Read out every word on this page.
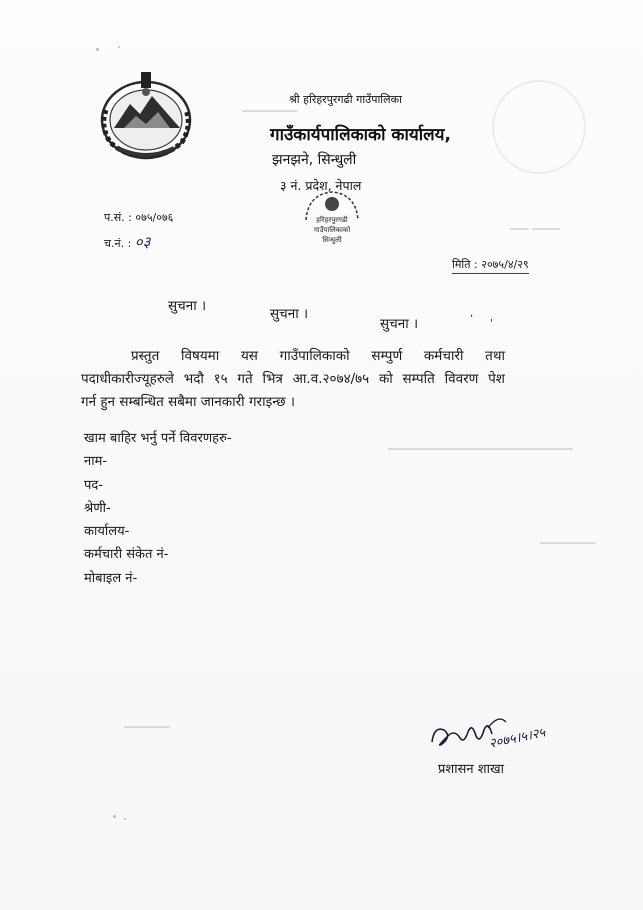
▁▁▁▁▁▁
▁▁ ▁▁▁
▁▁▁▁▁▁▁▁▁▁▁▁▁▁▁▁▁▁▁▁
▁▁▁▁▁▁
▁▁▁▁▁
श्री हरिहरपुरगढी गाउँपालिका
गाउँकार्यपालिकाको कार्यालय,
झनझने, सिन्धुली
३ नं. प्रदेश, नेपाल
प.सं. : ०७५/०७६
च.नं. : ०३
हरिहरपुरगढी
गाउँपालिकाको
सिन्धुली
मिति : २०७५/४/२९
सुचना ।	सुचना ।
सुचना ।
,
'
प्रस्तुत विषयमा यस गाउँपालिकाको सम्पुर्ण कर्मचारी तथा
पदाधीकारीज्यूहरुले भदौ १५ गते भित्र आ.व.२०७४/७५ को सम्पति विवरण पेश
गर्न हुन सम्बन्धित सबैमा जानकारी गराइन्छ ।
खाम बाहिर भर्नु पर्ने विवरणहरु-
नाम-
पद-
श्रेणी-
कार्यालय-
कर्मचारी संकेत नं-
मोबाइल नं-
२०७५।५।२५
प्रशासन शाखा
